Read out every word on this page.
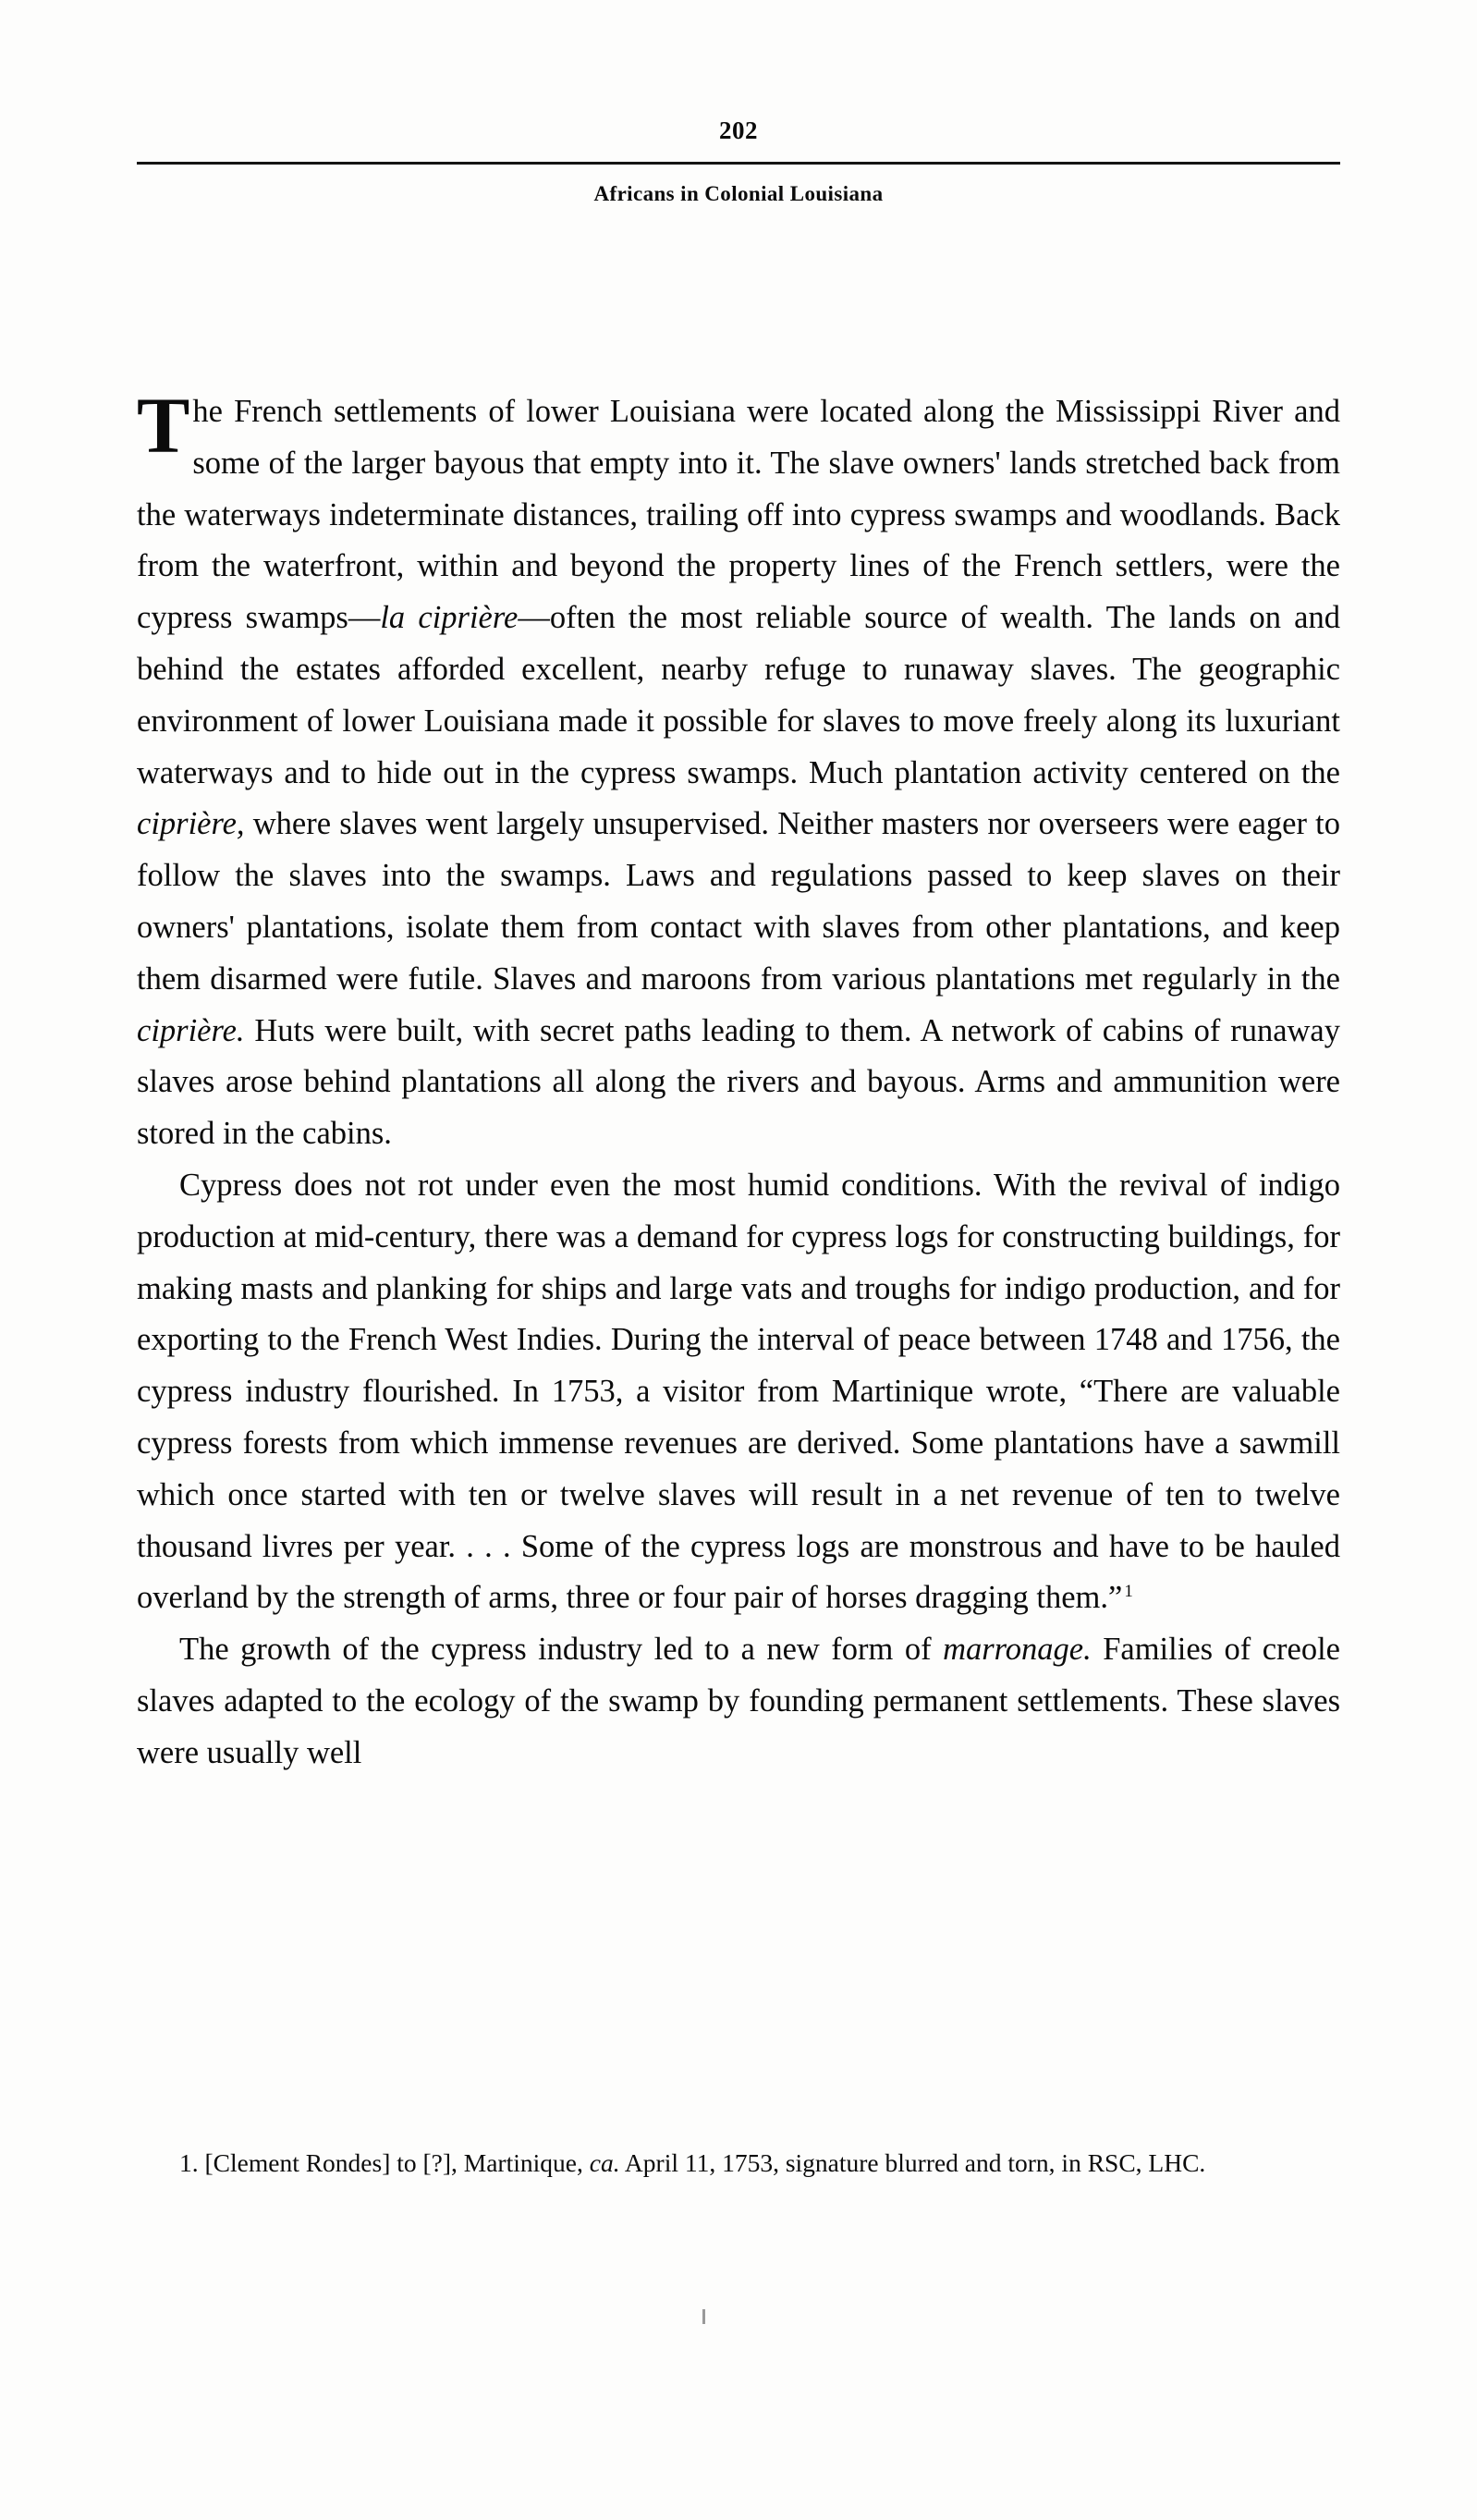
202
Africans in Colonial Louisiana

The French settlements of lower Louisiana were located along the Mississippi River and some of the larger bayous that empty into it. The slave owners' lands stretched back from the waterways indeterminate distances, trailing off into cypress swamps and woodlands. Back from the waterfront, within and beyond the property lines of the French settlers, were the cypress swamps—la ciprière—often the most reliable source of wealth. The lands on and behind the estates afforded excellent, nearby refuge to runaway slaves. The geographic environment of lower Louisiana made it possible for slaves to move freely along its luxuriant waterways and to hide out in the cypress swamps. Much plantation activity centered on the ciprière, where slaves went largely unsupervised. Neither masters nor overseers were eager to follow the slaves into the swamps. Laws and regulations passed to keep slaves on their owners' plantations, isolate them from contact with slaves from other plantations, and keep them disarmed were futile. Slaves and maroons from various plantations met regularly in the ciprière. Huts were built, with secret paths leading to them. A network of cabins of runaway slaves arose behind plantations all along the rivers and bayous. Arms and ammunition were stored in the cabins.

Cypress does not rot under even the most humid conditions. With the revival of indigo production at mid-century, there was a demand for cypress logs for constructing buildings, for making masts and planking for ships and large vats and troughs for indigo production, and for exporting to the French West Indies. During the interval of peace between 1748 and 1756, the cypress industry flourished. In 1753, a visitor from Martinique wrote, “There are valuable cypress forests from which immense revenues are derived. Some plantations have a sawmill which once started with ten or twelve slaves will result in a net revenue of ten to twelve thousand livres per year. . . . Some of the cypress logs are monstrous and have to be hauled overland by the strength of arms, three or four pair of horses dragging them.” $^1$

The growth of the cypress industry led to a new form of marronage. Families of creole slaves adapted to the ecology of the swamp by founding permanent settlements. These slaves were usually well

1. [Clement Rondes] to [?], Martinique, ca. April 11, 1753, signature blurred and torn, in RSC, LHC.
